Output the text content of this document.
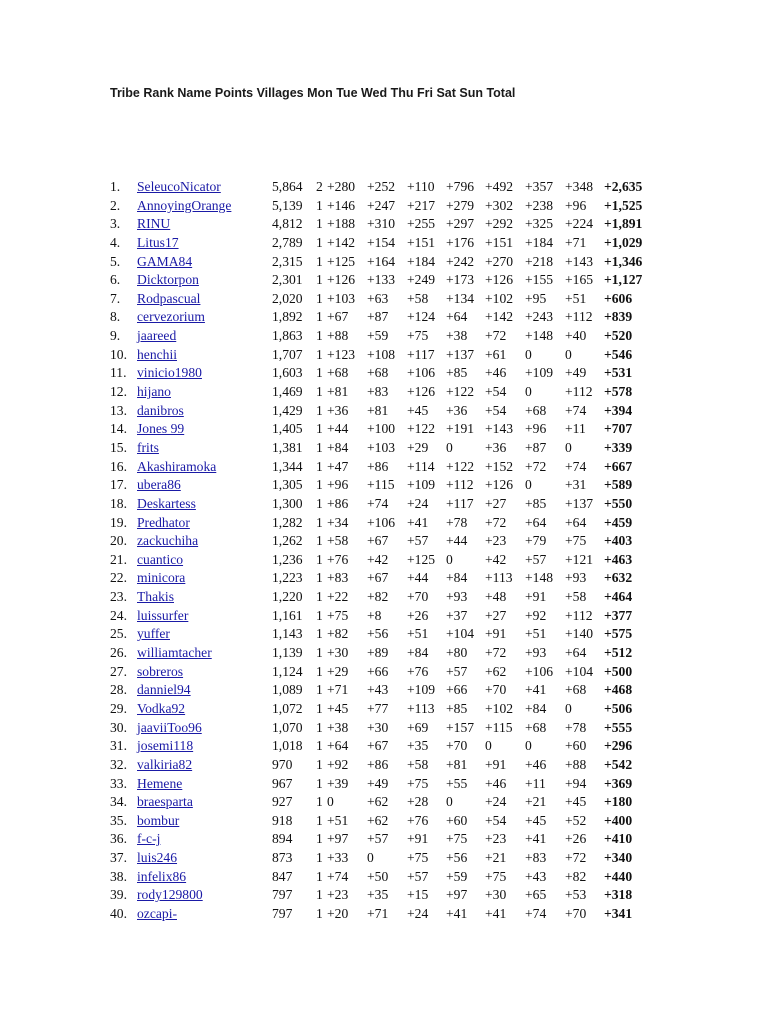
Tribe Rank Name Points Villages Mon Tue Wed Thu Fri Sat Sun Total
1. SeleucoNicator	5,864 2 +280 +252 +110 +796 +492 +357 +348 +2,635
2. AnnoyingOrange	5,139 1 +146 +247 +217 +279 +302 +238 +96 +1,525
3. RINU	4,812 1 +188 +310 +255 +297 +292 +325 +224 +1,891
4. Litus17	2,789 1 +142 +154 +151 +176 +151 +184 +71 +1,029
5. GAMA84	2,315 1 +125 +164 +184 +242 +270 +218 +143 +1,346
6. Dicktorpon	2,301 1 +126 +133 +249 +173 +126 +155 +165 +1,127
7. Rodpascual	2,020 1 +103 +63 +58 +134 +102 +95 +51 +606
8. cervezorium	1,892 1 +67 +87 +124 +64 +142 +243 +112 +839
9. jaareed	1,863 1 +88 +59 +75 +38 +72 +148 +40 +520
10. henchii	1,707 1 +123 +108 +117 +137 +61 0 0 +546
11. vinicio1980	1,603 1 +68 +68 +106 +85 +46 +109 +49 +531
12. hijano	1,469 1 +81 +83 +126 +122 +54 0 +112 +578
13. danibros	1,429 1 +36 +81 +45 +36 +54 +68 +74 +394
14. Jones 99	1,405 1 +44 +100 +122 +191 +143 +96 +11 +707
15. frits	1,381 1 +84 +103 +29 0 +36 +87 0 +339
16. Akashiramoka	1,344 1 +47 +86 +114 +122 +152 +72 +74 +667
17. ubera86	1,305 1 +96 +115 +109 +112 +126 0 +31 +589
18. Deskartess	1,300 1 +86 +74 +24 +117 +27 +85 +137 +550
19. Predhator	1,282 1 +34 +106 +41 +78 +72 +64 +64 +459
20. zackuchiha	1,262 1 +58 +67 +57 +44 +23 +79 +75 +403
21. cuantico	1,236 1 +76 +42 +125 0 +42 +57 +121 +463
22. minicora	1,223 1 +83 +67 +44 +84 +113 +148 +93 +632
23. Thakis	1,220 1 +22 +82 +70 +93 +48 +91 +58 +464
24. luissurfer	1,161 1 +75 +8 +26 +37 +27 +92 +112 +377
25. yuffer	1,143 1 +82 +56 +51 +104 +91 +51 +140 +575
26. williamtacher	1,139 1 +30 +89 +84 +80 +72 +93 +64 +512
27. sobreros	1,124 1 +29 +66 +76 +57 +62 +106 +104 +500
28. danniel94	1,089 1 +71 +43 +109 +66 +70 +41 +68 +468
29. Vodka92	1,072 1 +45 +77 +113 +85 +102 +84 0 +506
30. jaaviiToo96	1,070 1 +38 +30 +69 +157 +115 +68 +78 +555
31. josemi118	1,018 1 +64 +67 +35 +70 0 0 +60 +296
32. valkiria82	970 1 +92 +86 +58 +81 +91 +46 +88 +542
33. Hemene	967 1 +39 +49 +75 +55 +46 +11 +94 +369
34. braesparta	927 1 0 +62 +28 0 +24 +21 +45 +180
35. bombur	918 1 +51 +62 +76 +60 +54 +45 +52 +400
36. f-c-j	894 1 +97 +57 +91 +75 +23 +41 +26 +410
37. luis246	873 1 +33 0 +75 +56 +21 +83 +72 +340
38. infelix86	847 1 +74 +50 +57 +59 +75 +43 +82 +440
39. rody129800	797 1 +23 +35 +15 +97 +30 +65 +53 +318
40. ozcapi-	797 1 +20 +71 +24 +41 +41 +74 +70 +341
